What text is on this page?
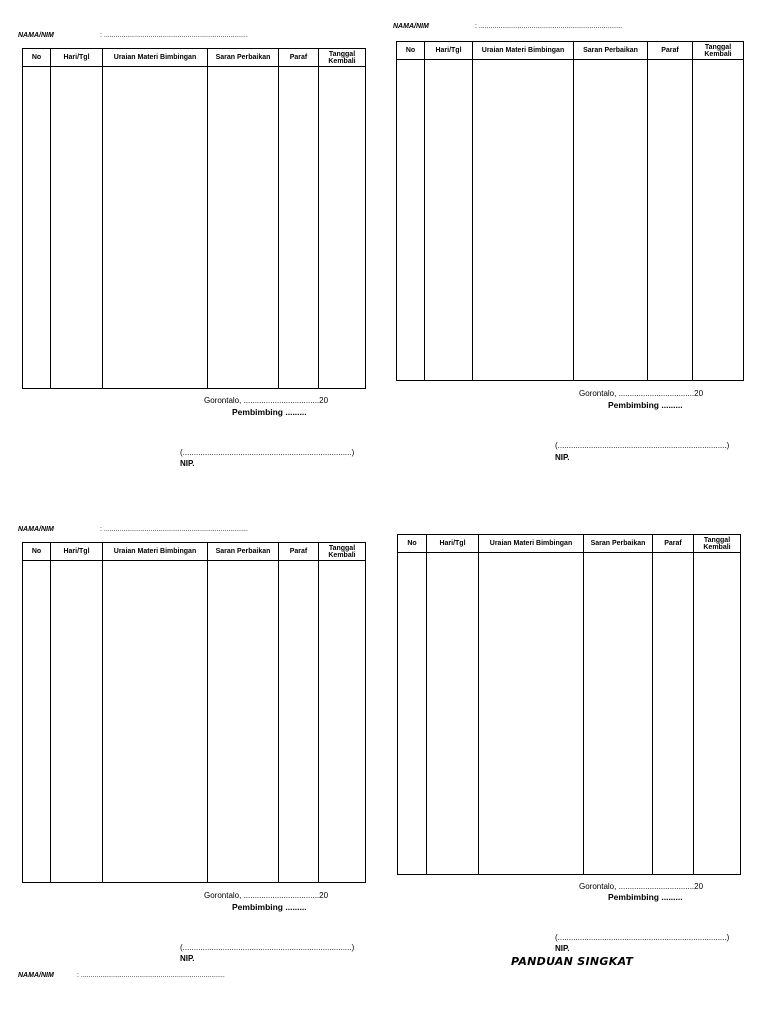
NAMA/NIM	: ..........................................................................
No	Hari/Tgl	Uraian Materi Bimbingan	Saran Perbaikan	Paraf	Tanggal Kembali

Gorontalo, ..................................20
Pembimbing .........
(............................................................................)
NIP.
NAMA/NIM	: ..........................................................................
No	Hari/Tgl	Uraian Materi Bimbingan	Saran Perbaikan	Paraf	Tanggal Kembali

Gorontalo, ..................................20
Pembimbing .........
(............................................................................)
NIP.
NAMA/NIM	: ..........................................................................
No	Hari/Tgl	Uraian Materi Bimbingan	Saran Perbaikan	Paraf	Tanggal Kembali

Gorontalo, ..................................20
Pembimbing .........
(............................................................................)
NIP.
NAMA/NIM	: ..........................................................................
No	Hari/Tgl	Uraian Materi Bimbingan	Saran Perbaikan	Paraf	Tanggal Kembali

Gorontalo, ..................................20
Pembimbing .........
(............................................................................)
NIP.
PANDUAN SINGKAT
